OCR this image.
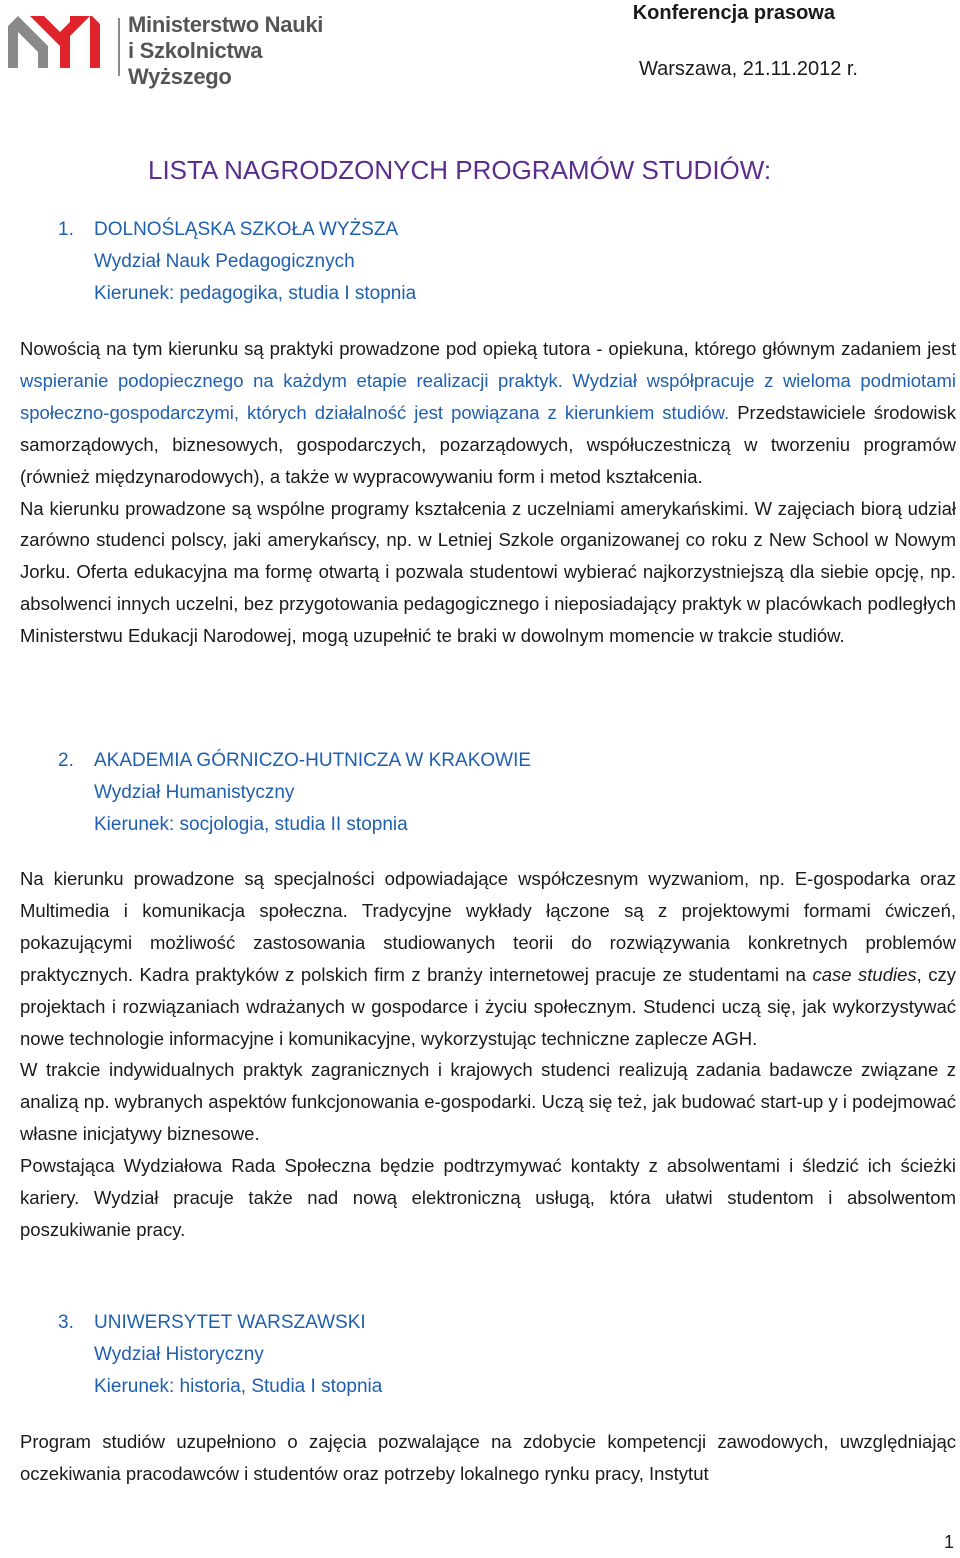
Ministerstwo Nauki
i Szkolnictwa Wyższego
Konferencja prasowa
Warszawa, 21.11.2012 r.
LISTA NAGRODZONYCH PROGRAMÓW STUDIÓW:
1. DOLNOŚLĄSKA SZKOŁA WYŻSZA
Wydział Nauk Pedagogicznych
Kierunek: pedagogika, studia I stopnia

Nowością na tym kierunku są praktyki prowadzone pod opieką tutora - opiekuna, którego głównym zadaniem jest wspieranie podopiecznego na każdym etapie realizacji praktyk. Wydział współpracuje z wieloma podmiotami społeczno-gospodarczymi, których działalność jest powiązana z kierunkiem studiów. Przedstawiciele środowisk samorządowych, biznesowych, gospodarczych, pozarządowych, współuczestniczą w tworzeniu programów (również międzynarodowych), a także w wypracowywaniu form i metod kształcenia.

Na kierunku prowadzone są wspólne programy kształcenia z uczelniami amerykańskimi. W zajęciach biorą udział zarówno studenci polscy, jaki amerykańscy, np. w Letniej Szkole organizowanej co roku z New School w Nowym Jorku. Oferta edukacyjna ma formę otwartą i pozwala studentowi wybierać najkorzystniejszą dla siebie opcję, np. absolwenci innych uczelni, bez przygotowania pedagogicznego i nieposiadający praktyk w placówkach podległych Ministerstwu Edukacji Narodowej, mogą uzupełnić te braki w dowolnym momencie w trakcie studiów.

2. AKADEMIA GÓRNICZO-HUTNICZA W KRAKOWIE
Wydział Humanistyczny
Kierunek: socjologia, studia II stopnia

Na kierunku prowadzone są specjalności odpowiadające współczesnym wyzwaniom, np. E-gospodarka oraz Multimedia i komunikacja społeczna. Tradycyjne wykłady łączone są z projektowymi formami ćwiczeń, pokazującymi możliwość zastosowania studiowanych teorii do rozwiązywania konkretnych problemów praktycznych. Kadra praktyków z polskich firm z branży internetowej pracuje ze studentami na case studies, czy projektach i rozwiązaniach wdrażanych w gospodarce i życiu społecznym. Studenci uczą się, jak wykorzystywać nowe technologie informacyjne i komunikacyjne, wykorzystując techniczne zaplecze AGH.

W trakcie indywidualnych praktyk zagranicznych i krajowych studenci realizują zadania badawcze związane z analizą np. wybranych aspektów funkcjonowania e-gospodarki. Uczą się też, jak budować start-up y i podejmować własne inicjatywy biznesowe.

Powstająca Wydziałowa Rada Społeczna będzie podtrzymywać kontakty z absolwentami i śledzić ich ścieżki kariery. Wydział pracuje także nad nową elektroniczną usługą, która ułatwi studentom i absolwentom poszukiwanie pracy.

3. UNIWERSYTET WARSZAWSKI
Wydział Historyczny
Kierunek: historia, Studia I stopnia

Program studiów uzupełniono o zajęcia pozwalające na zdobycie kompetencji zawodowych, uwzględniając oczekiwania pracodawców i studentów oraz potrzeby lokalnego rynku pracy, Instytut

1
